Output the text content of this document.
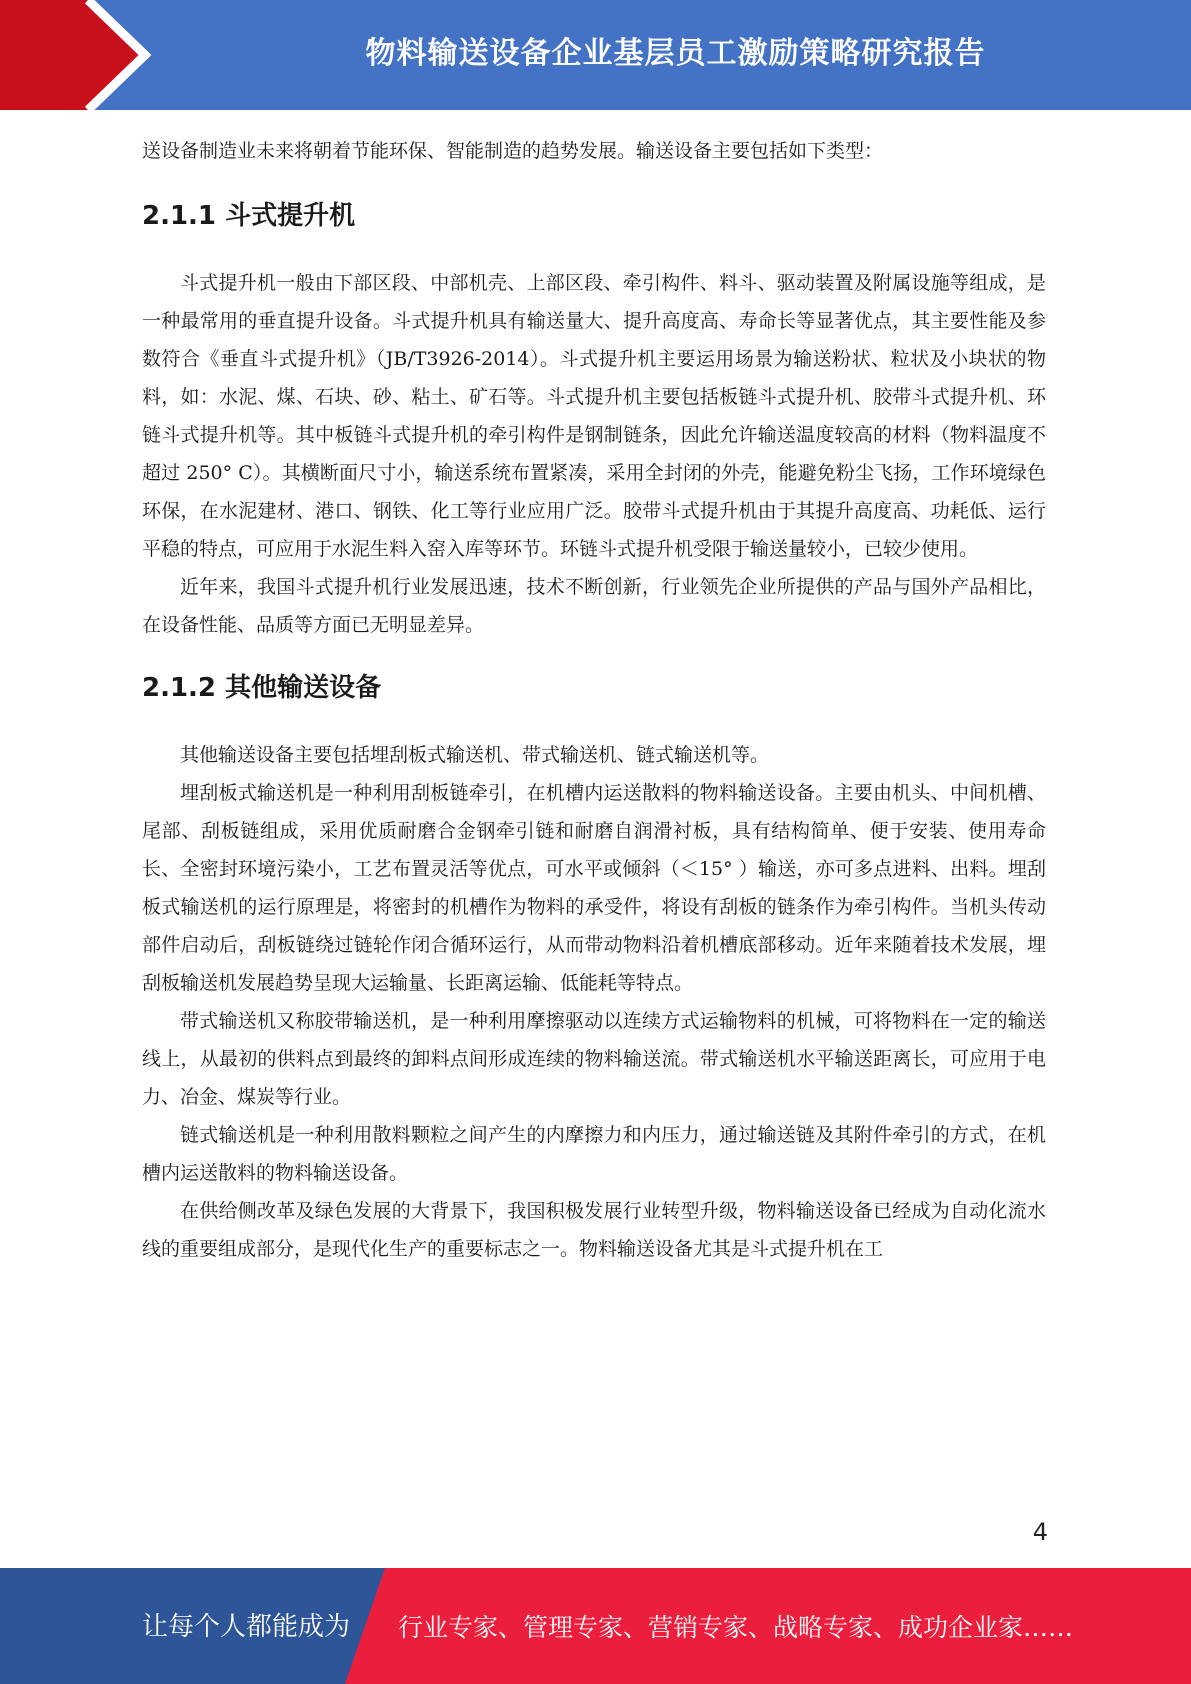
物料输送设备企业基层员工激励策略研究报告

送设备制造业未来将朝着节能环保、智能制造的趋势发展。输送设备主要包括如下类型：

2.1.1 斗式提升机

斗式提升机一般由下部区段、中部机壳、上部区段、牵引构件、料斗、驱动装置及附属设施等组成，是一种最常用的垂直提升设备。斗式提升机具有输送量大、提升高度高、寿命长等显著优点，其主要性能及参数符合《垂直斗式提升机》（JB/T3926-2014）。斗式提升机主要运用场景为输送粉状、粒状及小块状的物料，如：水泥、煤、石块、砂、粘土、矿石等。斗式提升机主要包括板链斗式提升机、胶带斗式提升机、环链斗式提升机等。其中板链斗式提升机的牵引构件是钢制链条，因此允许输送温度较高的材料（物料温度不超过 250° C）。其横断面尺寸小，输送系统布置紧凑，采用全封闭的外壳，能避免粉尘飞扬，工作环境绿色环保，在水泥建材、港口、钢铁、化工等行业应用广泛。胶带斗式提升机由于其提升高度高、功耗低、运行平稳的特点，可应用于水泥生料入窑入库等环节。环链斗式提升机受限于输送量较小，已较少使用。

近年来，我国斗式提升机行业发展迅速，技术不断创新，行业领先企业所提供的产品与国外产品相比，在设备性能、品质等方面已无明显差异。

2.1.2 其他输送设备

其他输送设备主要包括埋刮板式输送机、带式输送机、链式输送机等。

埋刮板式输送机是一种利用刮板链牵引，在机槽内运送散料的物料输送设备。主要由机头、中间机槽、尾部、刮板链组成，采用优质耐磨合金钢牵引链和耐磨自润滑衬板，具有结构简单、便于安装、使用寿命长、全密封环境污染小，工艺布置灵活等优点，可水平或倾斜（＜15° ）输送，亦可多点进料、出料。埋刮板式输送机的运行原理是，将密封的机槽作为物料的承受件，将设有刮板的链条作为牵引构件。当机头传动部件启动后，刮板链绕过链轮作闭合循环运行，从而带动物料沿着机槽底部移动。近年来随着技术发展，埋刮板输送机发展趋势呈现大运输量、长距离运输、低能耗等特点。

带式输送机又称胶带输送机，是一种利用摩擦驱动以连续方式运输物料的机械，可将物料在一定的输送线上，从最初的供料点到最终的卸料点间形成连续的物料输送流。带式输送机水平输送距离长，可应用于电力、冶金、煤炭等行业。

链式输送机是一种利用散料颗粒之间产生的内摩擦力和内压力，通过输送链及其附件牵引的方式，在机槽内运送散料的物料输送设备。

在供给侧改革及绿色发展的大背景下，我国积极发展行业转型升级，物料输送设备已经成为自动化流水线的重要组成部分，是现代化生产的重要标志之一。物料输送设备尤其是斗式提升机在工

4
让每个人都能成为 行业专家、管理专家、营销专家、战略专家、成功企业家……
